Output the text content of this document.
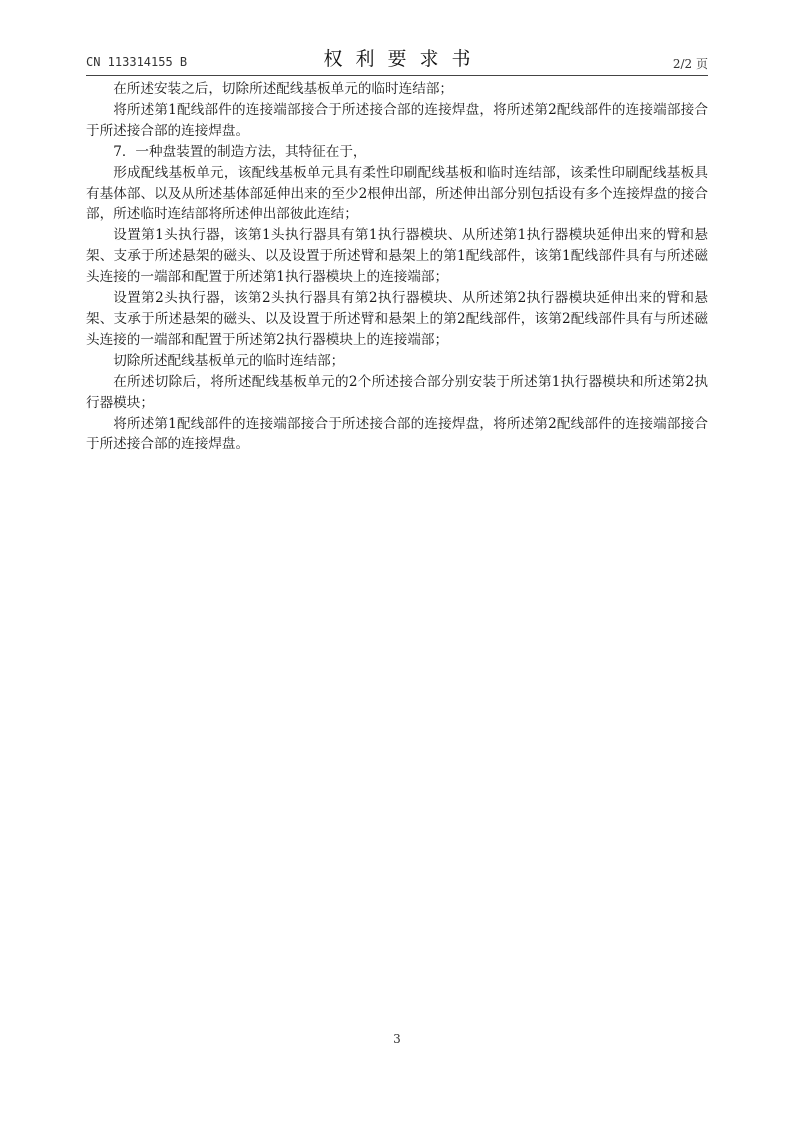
CN 113314155 B	权利要求书	2/2 页

在所述安装之后，切除所述配线基板单元的临时连结部；

将所述第1配线部件的连接端部接合于所述接合部的连接焊盘，将所述第2配线部件的连接端部接合于所述接合部的连接焊盘。

7．一种盘装置的制造方法，其特征在于，

形成配线基板单元，该配线基板单元具有柔性印刷配线基板和临时连结部，该柔性印刷配线基板具有基体部、以及从所述基体部延伸出来的至少2根伸出部，所述伸出部分别包括设有多个连接焊盘的接合部，所述临时连结部将所述伸出部彼此连结；

设置第1头执行器，该第1头执行器具有第1执行器模块、从所述第1执行器模块延伸出来的臂和悬架、支承于所述悬架的磁头、以及设置于所述臂和悬架上的第1配线部件，该第1配线部件具有与所述磁头连接的一端部和配置于所述第1执行器模块上的连接端部；

设置第2头执行器，该第2头执行器具有第2执行器模块、从所述第2执行器模块延伸出来的臂和悬架、支承于所述悬架的磁头、以及设置于所述臂和悬架上的第2配线部件，该第2配线部件具有与所述磁头连接的一端部和配置于所述第2执行器模块上的连接端部；

切除所述配线基板单元的临时连结部；

在所述切除后，将所述配线基板单元的2个所述接合部分别安装于所述第1执行器模块和所述第2执行器模块；

将所述第1配线部件的连接端部接合于所述接合部的连接焊盘，将所述第2配线部件的连接端部接合于所述接合部的连接焊盘。

3
